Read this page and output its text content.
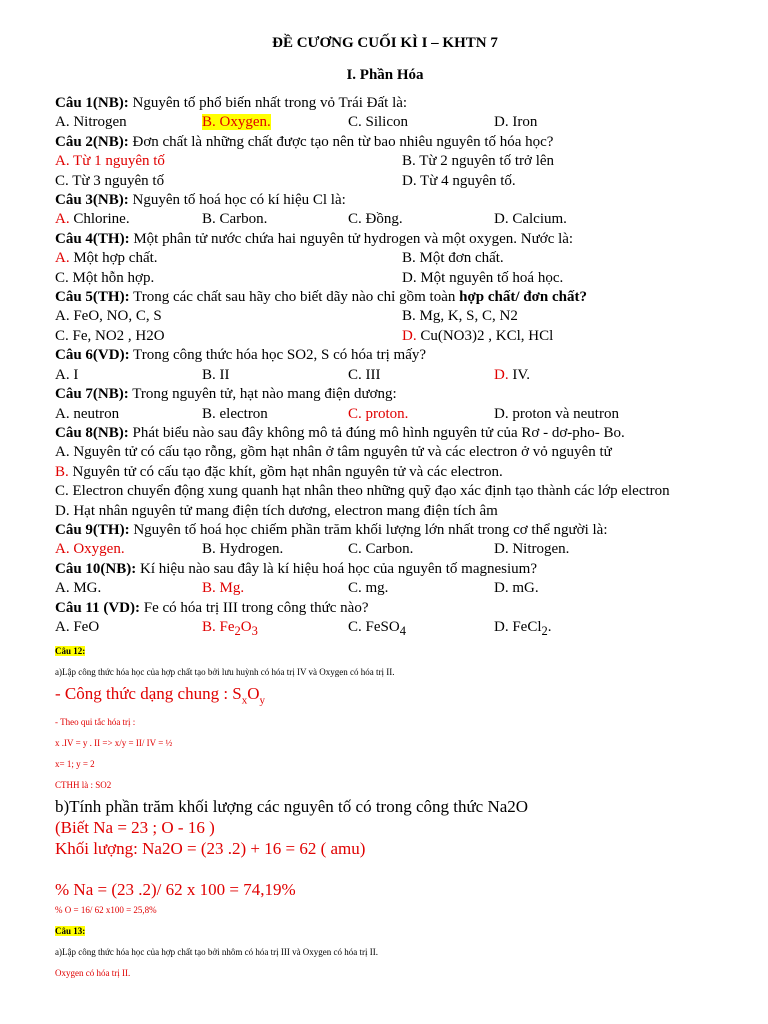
ĐỀ CƯƠNG CUỐI KÌ I – KHTN 7
I. Phần Hóa
Câu 1(NB): Nguyên tố phổ biến nhất trong vỏ Trái Đất là:
A. Nitrogen	B. Oxygen.	C. Silicon	D. Iron
Câu 2(NB): Đơn chất là những chất được tạo nên từ bao nhiêu nguyên tố hóa học?
A. Từ 1 nguyên tố	B. Từ 2 nguyên tố trở lên
C. Từ 3 nguyên tố	D. Từ 4 nguyên tố.
Câu 3(NB): Nguyên tố hoá học có kí hiệu Cl là:
A. Chlorine.	B. Carbon.	C. Đồng.	D. Calcium.
Câu 4(TH): Một phân tử nước chứa hai nguyên tử hydrogen và một oxygen. Nước là:
A. Một hợp chất.	B. Một đơn chất.
C. Một hỗn hợp.	D. Một nguyên tố hoá học.
Câu 5(TH): Trong các chất sau hãy cho biết dãy nào chỉ gồm toàn hợp chất/ đơn chất?
A. FeO, NO, C, S	B. Mg, K, S, C, N2
C. Fe, NO2 , H2O	D. Cu(NO3)2 , KCl, HCl
Câu 6(VD): Trong công thức hóa học SO2, S có hóa trị mấy?
A. I	B. II	C. III	D. IV.
Câu 7(NB): Trong nguyên tử, hạt nào mang điện dương:
A. neutron	B. electron	C. proton.	D. proton và neutron
Câu 8(NB): Phát biểu nào sau đây không mô tả đúng mô hình nguyên tử của Rơ - dơ-pho- Bo.
A. Nguyên tử có cấu tạo rỗng, gồm hạt nhân ở tâm nguyên tử và các electron ở vỏ nguyên tử
B. Nguyên tử có cấu tạo đặc khít, gồm hạt nhân nguyên tử và các electron.
C. Electron chuyển động xung quanh hạt nhân theo những quỹ đạo xác định tạo thành các lớp electron
D. Hạt nhân nguyên tử mang điện tích dương, electron mang điện tích âm
Câu 9(TH): Nguyên tố hoá học chiếm phần trăm khối lượng lớn nhất trong cơ thể người là:
A. Oxygen.	B. Hydrogen.	C. Carbon.	D. Nitrogen.
Câu 10(NB): Kí hiệu nào sau đây là kí hiệu hoá học của nguyên tố magnesium?
A. MG.	B. Mg.	C. mg.	D. mG.
Câu 11 (VD): Fe có hóa trị III trong công thức nào?
A. FeO	B. $Fe_2O_3$	C. FeSO$_4$	D. FeCl$_2$.
Câu 12:
a)Lập công thức hóa học của hợp chất tạo bởi lưu huỳnh có hóa trị IV và Oxygen có hóa trị II.
- Công thức dạng chung : $S_xO_y$
- Theo qui tắc hóa trị :
x .IV = y . II => x/y = II/ IV = ½
x= 1; y = 2
CTHH là : SO2
b)Tính phần trăm khối lượng các nguyên tố có trong công thức Na2O
(Biết Na = 23 ; O - 16 )
Khối lượng: Na2O = (23 .2) + 16 = 62 ( amu)
% Na = (23 .2)/ 62 x 100 = 74,19%
% O = 16/ 62 x100 = 25,8%
Câu 13:
a)Lập công thức hóa học của hợp chất tạo bởi nhôm có hóa trị III và Oxygen có hóa trị II.
Oxygen có hóa trị II.
